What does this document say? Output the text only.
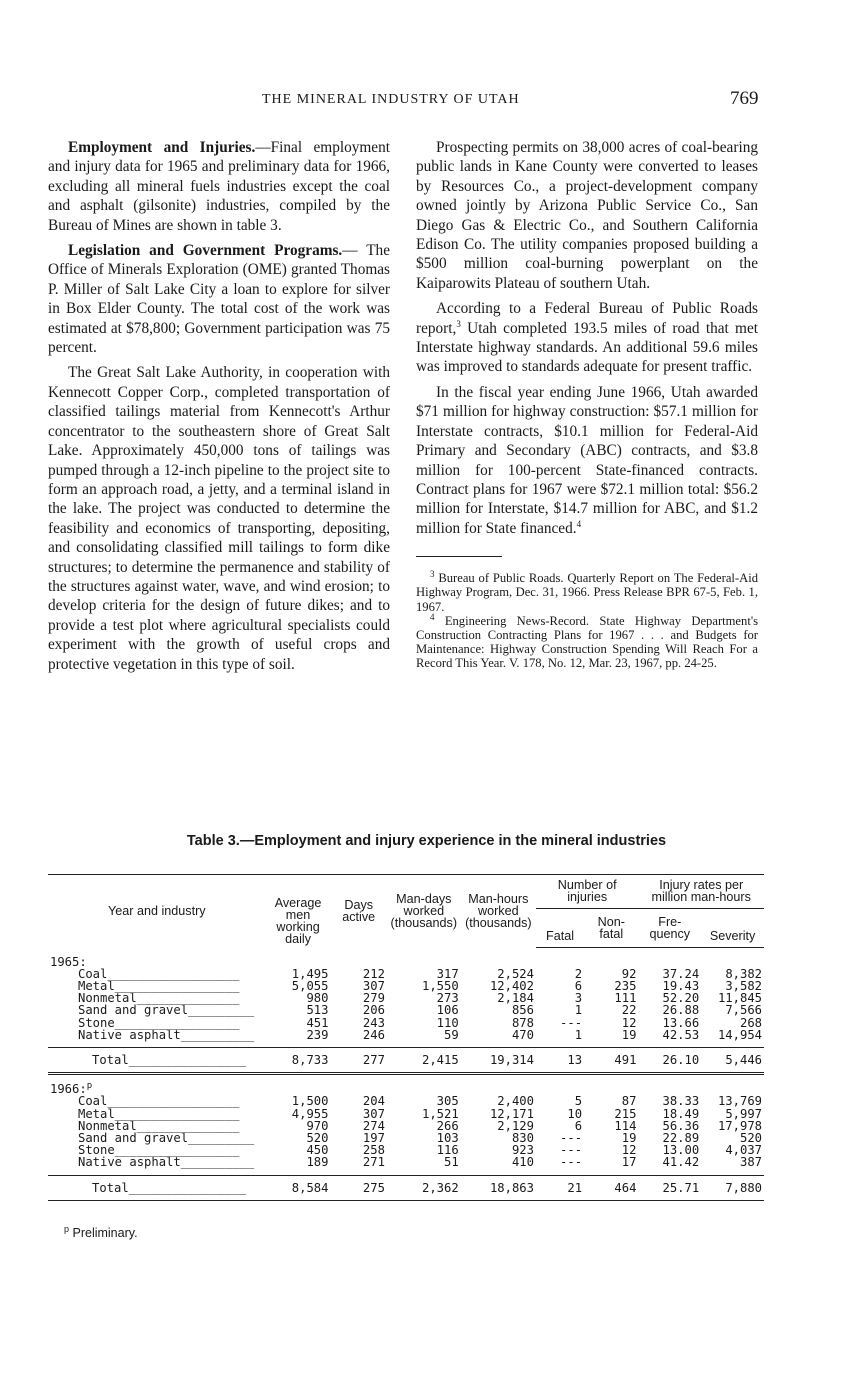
THE MINERAL INDUSTRY OF UTAH	769

Employment and Injuries.—Final employment and injury data for 1965 and preliminary data for 1966, excluding all mineral fuels industries except the coal and asphalt (gilsonite) industries, compiled by the Bureau of Mines are shown in table 3.

Legislation and Government Programs.— The Office of Minerals Exploration (OME) granted Thomas P. Miller of Salt Lake City a loan to explore for silver in Box Elder County. The total cost of the work was estimated at $78,800; Government participation was 75 percent.

The Great Salt Lake Authority, in cooperation with Kennecott Copper Corp., completed transportation of classified tailings material from Kennecott's Arthur concentrator to the southeastern shore of Great Salt Lake. Approximately 450,000 tons of tailings was pumped through a 12-inch pipeline to the project site to form an approach road, a jetty, and a terminal island in the lake. The project was conducted to determine the feasibility and economics of transporting, depositing, and consolidating classified mill tailings to form dike structures; to determine the permanence and stability of the structures against water, wave, and wind erosion; to develop criteria for the design of future dikes; and to provide a test plot where agricultural specialists could experiment with the growth of useful crops and protective vegetation in this type of soil.

Prospecting permits on 38,000 acres of coal-bearing public lands in Kane County were converted to leases by Resources Co., a project-development company owned jointly by Arizona Public Service Co., San Diego Gas & Electric Co., and Southern California Edison Co. The utility companies proposed building a $500 million coal-burning powerplant on the Kaiparowits Plateau of southern Utah.

According to a Federal Bureau of Public Roads report,$^3$ Utah completed 193.5 miles of road that met Interstate highway standards. An additional 59.6 miles was improved to standards adequate for present traffic.

In the fiscal year ending June 1966, Utah awarded $71 million for highway construction: $57.1 million for Interstate contracts, $10.1 million for Federal-Aid Primary and Secondary (ABC) contracts, and $3.8 million for 100-percent State-financed contracts. Contract plans for 1967 were $72.1 million total: $56.2 million for Interstate, $14.7 million for ABC, and $1.2 million for State financed.$^4$

$^3$ Bureau of Public Roads. Quarterly Report on The Federal-Aid Highway Program, Dec. 31, 1966. Press Release BPR 67-5, Feb. 1, 1967.

$^4$ Engineering News-Record. State Highway Department's Construction Contracting Plans for 1967 . . . and Budgets for Maintenance: Highway Construction Spending Will Reach For a Record This Year. V. 178, No. 12, Mar. 23, 1967, pp. 24-25.

Table 3.—Employment and injury experience in the mineral industries
Year and industry	Average men working daily	Days active	Man-days worked (thousands)	Man-hours worked (thousands)	Number of injuries		Injury rates per million man-hours	
					Fatal	Non-fatal	Fre-quency	Severity
1965:								
Coal__________________	1,495	212	317	2,524	2	92	37.24	8,382
Metal_________________	5,055	307	1,550	12,402	6	235	19.43	3,582
Nonmetal______________	980	279	273	2,184	3	111	52.20	11,845
Sand and gravel_________	513	206	106	856	1	22	26.88	7,566
Stone_________________	451	243	110	878	---	12	13.66	268
Native asphalt__________	239	246	59	470	1	19	42.53	14,954

Total________________	8,733	277	2,415	19,314	13	491	26.10	5,446
1966:$^p$
Coal__________________	1,500	204	305	2,400	5	87	38.33	13,769
Metal_________________	4,955	307	1,521	12,171	10	215	18.49	5,997
Nonmetal______________	970	274	266	2,129	6	114	56.36	17,978
Sand and gravel_________	520	197	103	830	---	19	22.89	520
Stone_________________	450	258	116	923	---	12	13.00	4,037
Native asphalt__________	189	271	51	410	---	17	41.42	387

Total________________	8,584	275	2,362	18,863	21	464	25.71	7,880
$^p$ Preliminary.
